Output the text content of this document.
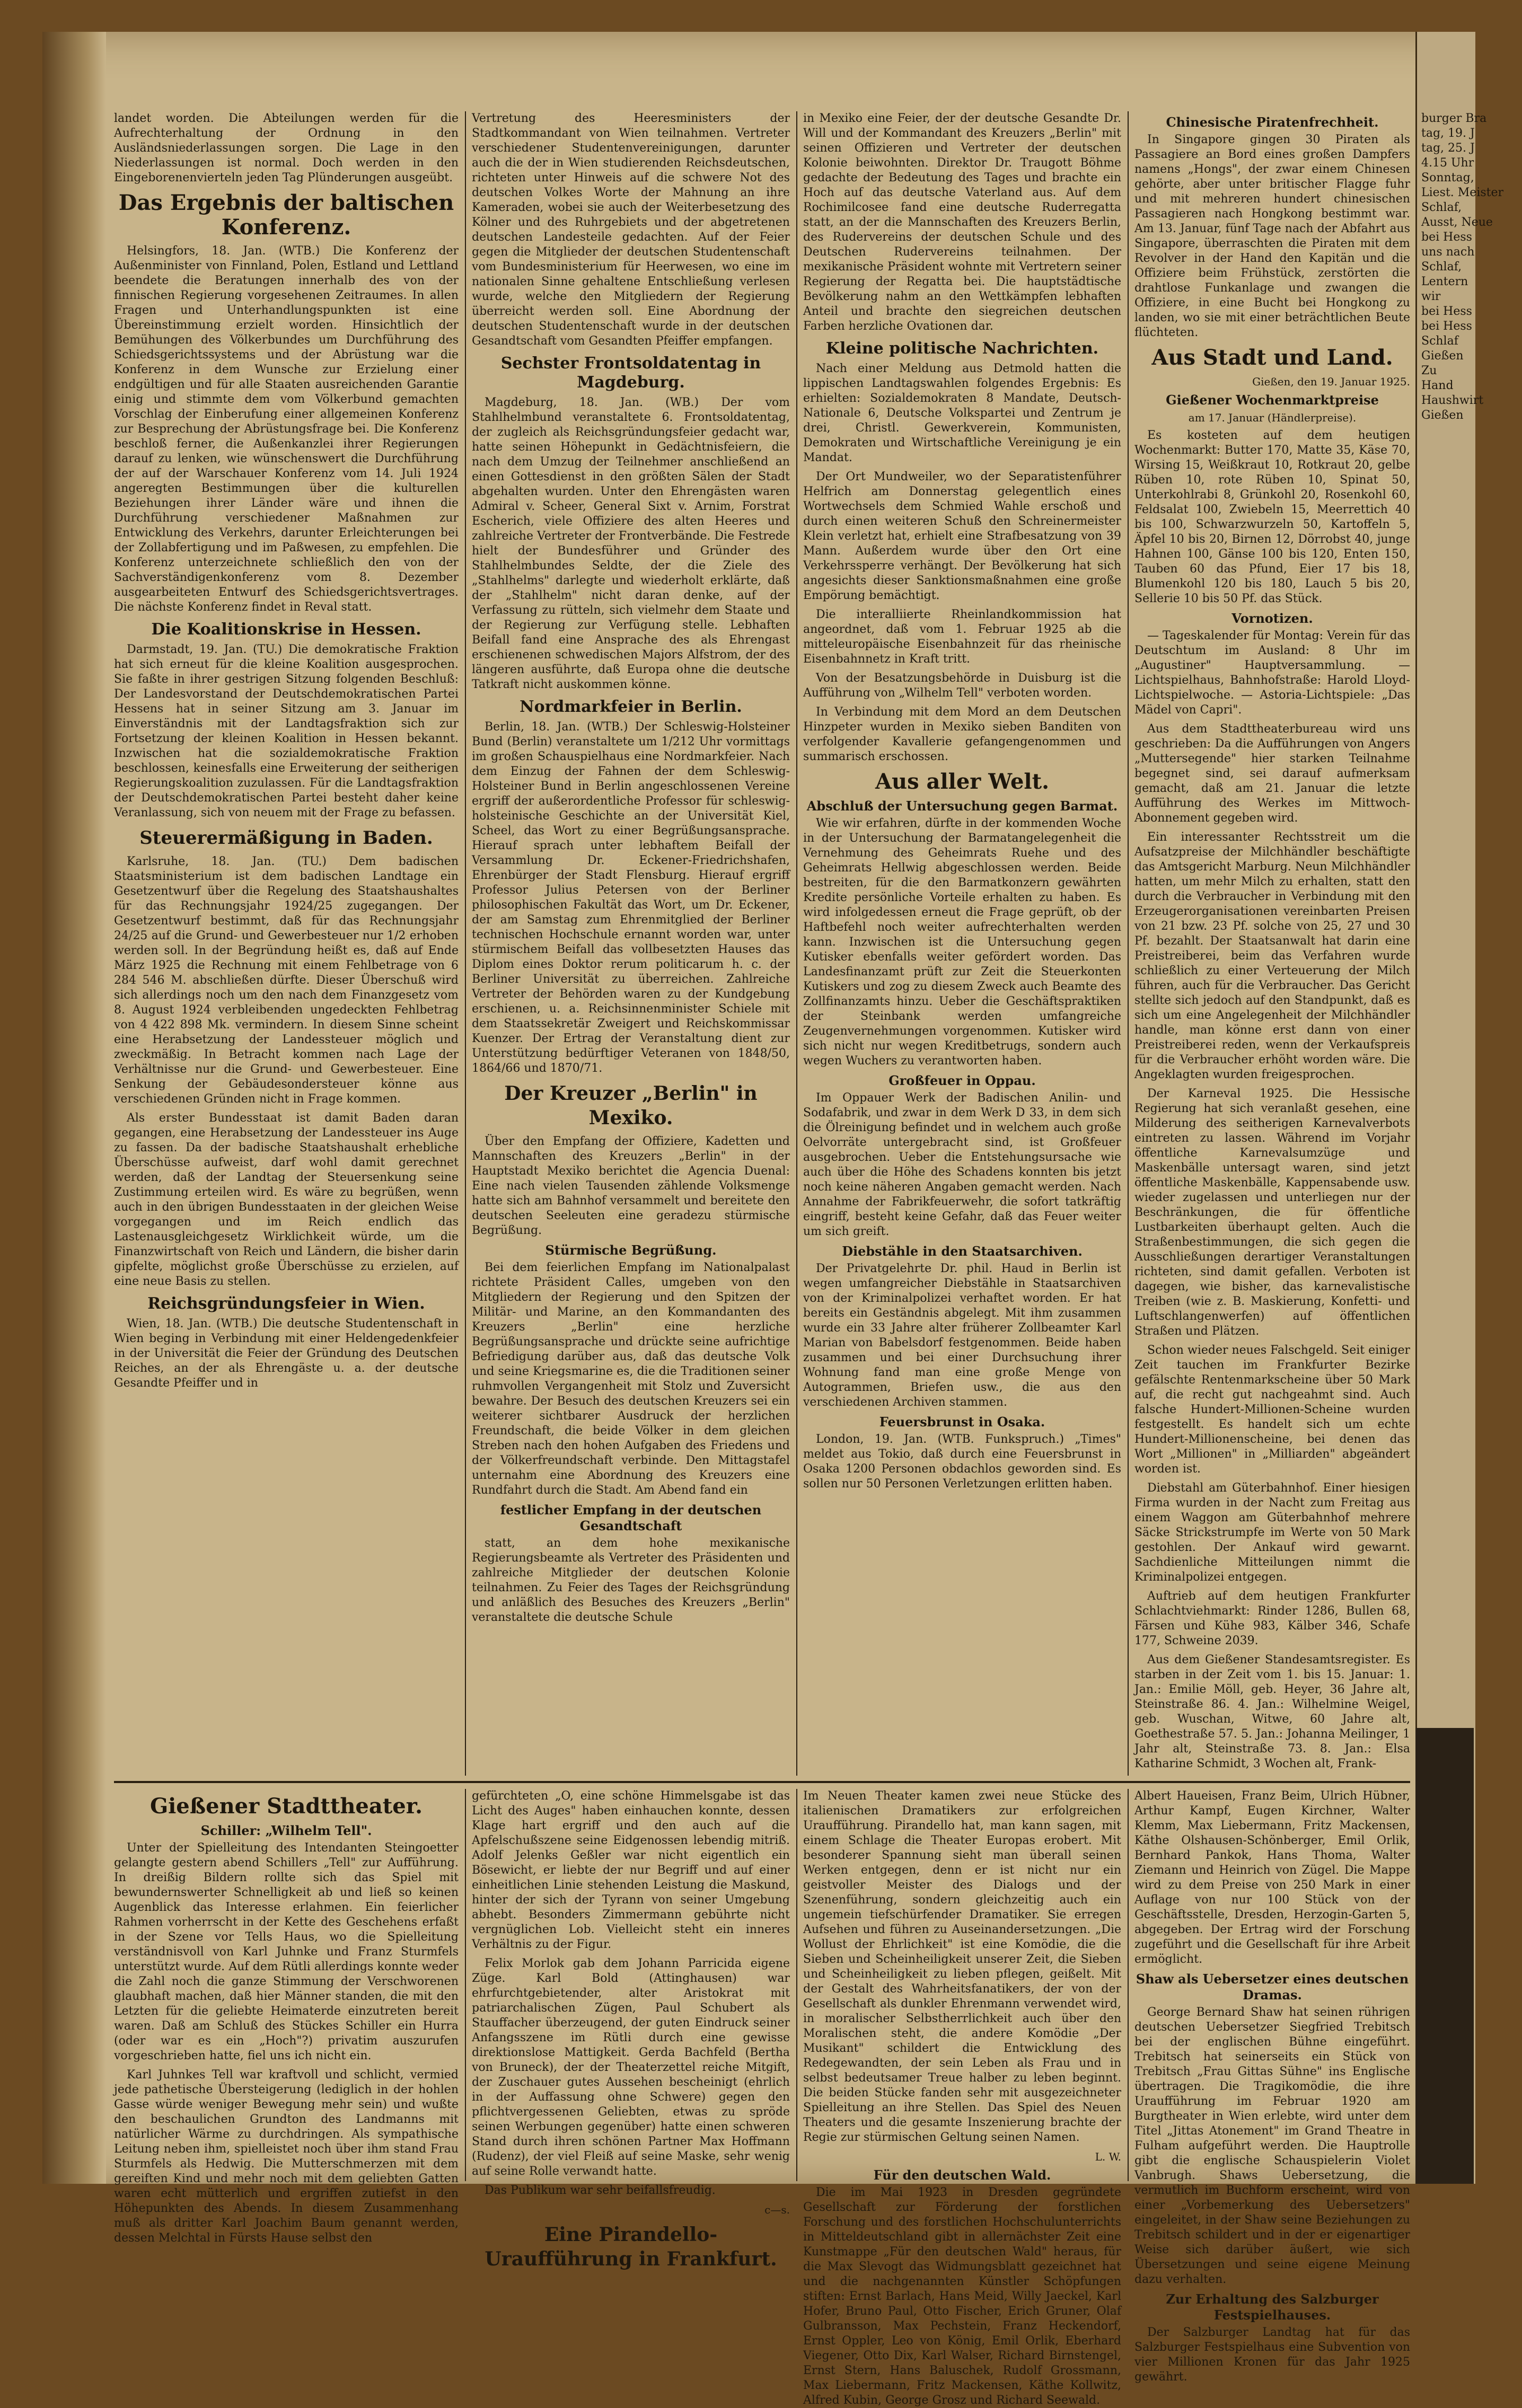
landet worden. Die Abteilungen werden für die Aufrechterhaltung der Ordnung in den Ausländsniederlassungen sorgen. Die Lage in den Niederlassungen ist normal. Doch werden in den Eingeborenenvierteln jeden Tag Plünderungen ausgeübt.

Das Ergebnis der baltischen Konferenz.

Helsingfors, 18. Jan. (WTB.) Die Konferenz der Außenminister von Finnland, Polen, Estland und Lettland beendete die Beratungen innerhalb des von der finnischen Regierung vorgesehenen Zeitraumes. In allen Fragen und Unterhandlungspunkten ist eine Übereinstimmung erzielt worden. Hinsichtlich der Bemühungen des Völkerbundes um Durchführung des Schiedsgerichtssystems und der Abrüstung war die Konferenz in dem Wunsche zur Erzielung einer endgültigen und für alle Staaten ausreichenden Garantie einig und stimmte dem vom Völkerbund gemachten Vorschlag der Einberufung einer allgemeinen Konferenz zur Besprechung der Abrüstungsfrage bei. Die Konferenz beschloß ferner, die Außenkanzlei ihrer Regierungen darauf zu lenken, wie wünschenswert die Durchführung der auf der Warschauer Konferenz vom 14. Juli 1924 angeregten Bestimmungen über die kulturellen Beziehungen ihrer Länder wäre und ihnen die Durchführung verschiedener Maßnahmen zur Entwicklung des Verkehrs, darunter Erleichterungen bei der Zollabfertigung und im Paßwesen, zu empfehlen. Die Konferenz unterzeichnete schließlich den von der Sachverständigenkonferenz vom 8. Dezember ausgearbeiteten Entwurf des Schiedsgerichtsvertrages. Die nächste Konferenz findet in Reval statt.

Die Koalitionskrise in Hessen.

Darmstadt, 19. Jan. (TU.) Die demokratische Fraktion hat sich erneut für die kleine Koalition ausgesprochen. Sie faßte in ihrer gestrigen Sitzung folgenden Beschluß: Der Landesvorstand der Deutschdemokratischen Partei Hessens hat in seiner Sitzung am 3. Januar im Einverständnis mit der Landtagsfraktion sich zur Fortsetzung der kleinen Koalition in Hessen bekannt. Inzwischen hat die sozialdemokratische Fraktion beschlossen, keinesfalls eine Erweiterung der seitherigen Regierungskoalition zuzulassen. Für die Landtagsfraktion der Deutschdemokratischen Partei besteht daher keine Veranlassung, sich von neuem mit der Frage zu befassen.

Steuerermäßigung in Baden.

Karlsruhe, 18. Jan. (TU.) Dem badischen Staatsministerium ist dem badischen Landtage ein Gesetzentwurf über die Regelung des Staatshaushaltes für das Rechnungsjahr 1924/25 zugegangen. Der Gesetzentwurf bestimmt, daß für das Rechnungsjahr 24/25 auf die Grund- und Gewerbesteuer nur 1/2 erhoben werden soll. In der Begründung heißt es, daß auf Ende März 1925 die Rechnung mit einem Fehlbetrage von 6 284 546 M. abschließen dürfte. Dieser Überschuß wird sich allerdings noch um den nach dem Finanzgesetz vom 8. August 1924 verbleibenden ungedeckten Fehlbetrag von 4 422 898 Mk. vermindern. In diesem Sinne scheint eine Herabsetzung der Landessteuer möglich und zweckmäßig. In Betracht kommen nach Lage der Verhältnisse nur die Grund- und Gewerbesteuer. Eine Senkung der Gebäudesondersteuer könne aus verschiedenen Gründen nicht in Frage kommen.

Als erster Bundesstaat ist damit Baden daran gegangen, eine Herabsetzung der Landessteuer ins Auge zu fassen. Da der badische Staatshaushalt erhebliche Überschüsse aufweist, darf wohl damit gerechnet werden, daß der Landtag der Steuersenkung seine Zustimmung erteilen wird. Es wäre zu begrüßen, wenn auch in den übrigen Bundesstaaten in der gleichen Weise vorgegangen und im Reich endlich das Lastenausgleichgesetz Wirklichkeit würde, um die Finanzwirtschaft von Reich und Ländern, die bisher darin gipfelte, möglichst große Überschüsse zu erzielen, auf eine neue Basis zu stellen.

Reichsgründungsfeier in Wien.

Wien, 18. Jan. (WTB.) Die deutsche Studentenschaft in Wien beging in Verbindung mit einer Heldengedenkfeier in der Universität die Feier der Gründung des Deutschen Reiches, an der als Ehrengäste u. a. der deutsche Gesandte Pfeiffer und in

Vertretung des Heeresministers der Stadtkommandant von Wien teilnahmen. Vertreter verschiedener Studentenvereinigungen, darunter auch die der in Wien studierenden Reichsdeutschen, richteten unter Hinweis auf die schwere Not des deutschen Volkes Worte der Mahnung an ihre Kameraden, wobei sie auch der Weiterbesetzung des Kölner und des Ruhrgebiets und der abgetretenen deutschen Landesteile gedachten. Auf der Feier gegen die Mitglieder der deutschen Studentenschaft vom Bundesministerium für Heerwesen, wo eine im nationalen Sinne gehaltene Entschließung verlesen wurde, welche den Mitgliedern der Regierung überreicht werden soll. Eine Abordnung der deutschen Studentenschaft wurde in der deutschen Gesandtschaft vom Gesandten Pfeiffer empfangen.

Sechster Frontsoldatentag in Magdeburg.

Magdeburg, 18. Jan. (WB.) Der vom Stahlhelmbund veranstaltete 6. Frontsoldatentag, der zugleich als Reichsgründungsfeier gedacht war, hatte seinen Höhepunkt in Gedächtnisfeiern, die nach dem Umzug der Teilnehmer anschließend an einen Gottesdienst in den größten Sälen der Stadt abgehalten wurden. Unter den Ehrengästen waren Admiral v. Scheer, General Sixt v. Arnim, Forstrat Escherich, viele Offiziere des alten Heeres und zahlreiche Vertreter der Frontverbände. Die Festrede hielt der Bundesführer und Gründer des Stahlhelmbundes Seldte, der die Ziele des „Stahlhelms" darlegte und wiederholt erklärte, daß der „Stahlhelm" nicht daran denke, auf der Verfassung zu rütteln, sich vielmehr dem Staate und der Regierung zur Verfügung stelle. Lebhaften Beifall fand eine Ansprache des als Ehrengast erschienenen schwedischen Majors Alfstrom, der des längeren ausführte, daß Europa ohne die deutsche Tatkraft nicht auskommen könne.

Nordmarkfeier in Berlin.

Berlin, 18. Jan. (WTB.) Der Schleswig-Holsteiner Bund (Berlin) veranstaltete um 1/212 Uhr vormittags im großen Schauspielhaus eine Nordmarkfeier. Nach dem Einzug der Fahnen der dem Schleswig-Holsteiner Bund in Berlin angeschlossenen Vereine ergriff der außerordentliche Professor für schleswig-holsteinische Geschichte an der Universität Kiel, Scheel, das Wort zu einer Begrüßungsansprache. Hierauf sprach unter lebhaftem Beifall der Versammlung Dr. Eckener-Friedrichshafen, Ehrenbürger der Stadt Flensburg. Hierauf ergriff Professor Julius Petersen von der Berliner philosophischen Fakultät das Wort, um Dr. Eckener, der am Samstag zum Ehrenmitglied der Berliner technischen Hochschule ernannt worden war, unter stürmischem Beifall das vollbesetzten Hauses das Diplom eines Doktor rerum politicarum h. c. der Berliner Universität zu überreichen. Zahlreiche Vertreter der Behörden waren zu der Kundgebung erschienen, u. a. Reichsinnenminister Schiele mit dem Staatssekretär Zweigert und Reichskommissar Kuenzer. Der Ertrag der Veranstaltung dient zur Unterstützung bedürftiger Veteranen von 1848/50, 1864/66 und 1870/71.

Der Kreuzer „Berlin" in Mexiko.

Über den Empfang der Offiziere, Kadetten und Mannschaften des Kreuzers „Berlin" in der Hauptstadt Mexiko berichtet die Agencia Duenal: Eine nach vielen Tausenden zählende Volksmenge hatte sich am Bahnhof versammelt und bereitete den deutschen Seeleuten eine geradezu stürmische Begrüßung.

Stürmische Begrüßung.

Bei dem feierlichen Empfang im Nationalpalast richtete Präsident Calles, umgeben von den Mitgliedern der Regierung und den Spitzen der Militär- und Marine, an den Kommandanten des Kreuzers „Berlin" eine herzliche Begrüßungsansprache und drückte seine aufrichtige Befriedigung darüber aus, daß das deutsche Volk und seine Kriegsmarine es, die die Traditionen seiner ruhmvollen Vergangenheit mit Stolz und Zuversicht bewahre. Der Besuch des deutschen Kreuzers sei ein weiterer sichtbarer Ausdruck der herzlichen Freundschaft, die beide Völker in dem gleichen Streben nach den hohen Aufgaben des Friedens und der Völkerfreundschaft verbinde. Den Mittagstafel unternahm eine Abordnung des Kreuzers eine Rundfahrt durch die Stadt. Am Abend fand ein

festlicher Empfang in der deutschen Gesandtschaft

statt, an dem hohe mexikanische Regierungsbeamte als Vertreter des Präsidenten und zahlreiche Mitglieder der deutschen Kolonie teilnahmen. Zu Feier des Tages der Reichsgründung und anläßlich des Besuches des Kreuzers „Berlin" veranstaltete die deutsche Schule

in Mexiko eine Feier, der der deutsche Gesandte Dr. Will und der Kommandant des Kreuzers „Berlin" mit seinen Offizieren und Vertreter der deutschen Kolonie beiwohnten. Direktor Dr. Traugott Böhme gedachte der Bedeutung des Tages und brachte ein Hoch auf das deutsche Vaterland aus. Auf dem Rochimilcosee fand eine deutsche Ruderregatta statt, an der die Mannschaften des Kreuzers Berlin, des Rudervereins der deutschen Schule und des Deutschen Rudervereins teilnahmen. Der mexikanische Präsident wohnte mit Vertretern seiner Regierung der Regatta bei. Die hauptstädtische Bevölkerung nahm an den Wettkämpfen lebhaften Anteil und brachte den siegreichen deutschen Farben herzliche Ovationen dar.

Kleine politische Nachrichten.

Nach einer Meldung aus Detmold hatten die lippischen Landtagswahlen folgendes Ergebnis: Es erhielten: Sozialdemokraten 8 Mandate, Deutsch-Nationale 6, Deutsche Volkspartei und Zentrum je drei, Christl. Gewerkverein, Kommunisten, Demokraten und Wirtschaftliche Vereinigung je ein Mandat.

Der Ort Mundweiler, wo der Separatistenführer Helfrich am Donnerstag gelegentlich eines Wortwechsels dem Schmied Wahle erschoß und durch einen weiteren Schuß den Schreinermeister Klein verletzt hat, erhielt eine Strafbesatzung von 39 Mann. Außerdem wurde über den Ort eine Verkehrssperre verhängt. Der Bevölkerung hat sich angesichts dieser Sanktionsmaßnahmen eine große Empörung bemächtigt.

Die interalliierte Rheinlandkommission hat angeordnet, daß vom 1. Februar 1925 ab die mitteleuropäische Eisenbahnzeit für das rheinische Eisenbahnnetz in Kraft tritt.

Von der Besatzungsbehörde in Duisburg ist die Aufführung von „Wilhelm Tell" verboten worden.

In Verbindung mit dem Mord an dem Deutschen Hinzpeter wurden in Mexiko sieben Banditen von verfolgender Kavallerie gefangengenommen und summarisch erschossen.

Aus aller Welt.
Abschluß der Untersuchung gegen Barmat.

Wie wir erfahren, dürfte in der kommenden Woche in der Untersuchung der Barmatangelegenheit die Vernehmung des Geheimrats Ruehe und des Geheimrats Hellwig abgeschlossen werden. Beide bestreiten, für die den Barmatkonzern gewährten Kredite persönliche Vorteile erhalten zu haben. Es wird infolgedessen erneut die Frage geprüft, ob der Haftbefehl noch weiter aufrechterhalten werden kann. Inzwischen ist die Untersuchung gegen Kutisker ebenfalls weiter gefördert worden. Das Landesfinanzamt prüft zur Zeit die Steuerkonten Kutiskers und zog zu diesem Zweck auch Beamte des Zollfinanzamts hinzu. Ueber die Geschäftspraktiken der Steinbank werden umfangreiche Zeugenvernehmungen vorgenommen. Kutisker wird sich nicht nur wegen Kreditbetrugs, sondern auch wegen Wuchers zu verantworten haben.

Großfeuer in Oppau.

Im Oppauer Werk der Badischen Anilin- und Sodafabrik, und zwar in dem Werk D 33, in dem sich die Ölreinigung befindet und in welchem auch große Oelvorräte untergebracht sind, ist Großfeuer ausgebrochen. Ueber die Entstehungsursache wie auch über die Höhe des Schadens konnten bis jetzt noch keine näheren Angaben gemacht werden. Nach Annahme der Fabrikfeuerwehr, die sofort tatkräftig eingriff, besteht keine Gefahr, daß das Feuer weiter um sich greift.

Diebstähle in den Staatsarchiven.

Der Privatgelehrte Dr. phil. Haud in Berlin ist wegen umfangreicher Diebstähle in Staatsarchiven von der Kriminalpolizei verhaftet worden. Er hat bereits ein Geständnis abgelegt. Mit ihm zusammen wurde ein 33 Jahre alter früherer Zollbeamter Karl Marian von Babelsdorf festgenommen. Beide haben zusammen und bei einer Durchsuchung ihrer Wohnung fand man eine große Menge von Autogrammen, Briefen usw., die aus den verschiedenen Archiven stammen.

Feuersbrunst in Osaka.

London, 19. Jan. (WTB. Funkspruch.) „Times" meldet aus Tokio, daß durch eine Feuersbrunst in Osaka 1200 Personen obdachlos geworden sind. Es sollen nur 50 Personen Verletzungen erlitten haben.

Chinesische Piratenfrechheit.

In Singapore gingen 30 Piraten als Passagiere an Bord eines großen Dampfers namens „Hongs", der zwar einem Chinesen gehörte, aber unter britischer Flagge fuhr und mit mehreren hundert chinesischen Passagieren nach Hongkong bestimmt war. Am 13. Januar, fünf Tage nach der Abfahrt aus Singapore, überraschten die Piraten mit dem Revolver in der Hand den Kapitän und die Offiziere beim Frühstück, zerstörten die drahtlose Funkanlage und zwangen die Offiziere, in eine Bucht bei Hongkong zu landen, wo sie mit einer beträchtlichen Beute flüchteten.

Aus Stadt und Land.
Gießen, den 19. Januar 1925.
Gießener Wochenmarktpreise
am 17. Januar (Händlerpreise).

Es kosteten auf dem heutigen Wochenmarkt: Butter 170, Matte 35, Käse 70, Wirsing 15, Weißkraut 10, Rotkraut 20, gelbe Rüben 10, rote Rüben 10, Spinat 50, Unterkohlrabi 8, Grünkohl 20, Rosenkohl 60, Feldsalat 100, Zwiebeln 15, Meerrettich 40 bis 100, Schwarzwurzeln 50, Kartoffeln 5, Äpfel 10 bis 20, Birnen 12, Dörrobst 40, junge Hahnen 100, Gänse 100 bis 120, Enten 150, Tauben 60 das Pfund, Eier 17 bis 18, Blumenkohl 120 bis 180, Lauch 5 bis 20, Sellerie 10 bis 50 Pf. das Stück.

Vornotizen.

— Tageskalender für Montag: Verein für das Deutschtum im Ausland: 8 Uhr im „Augustiner" Hauptversammlung. — Lichtspielhaus, Bahnhofstraße: Harold Lloyd-Lichtspielwoche. — Astoria-Lichtspiele: „Das Mädel von Capri".

Aus dem Stadttheaterbureau wird uns geschrieben: Da die Aufführungen von Angers „Muttersegende" hier starken Teilnahme begegnet sind, sei darauf aufmerksam gemacht, daß am 21. Januar die letzte Aufführung des Werkes im Mittwoch-Abonnement gegeben wird.

Ein interessanter Rechtsstreit um die Aufsatzpreise der Milchhändler beschäftigte das Amtsgericht Marburg. Neun Milchhändler hatten, um mehr Milch zu erhalten, statt den durch die Verbraucher in Verbindung mit den Erzeugerorganisationen vereinbarten Preisen von 21 bzw. 23 Pf. solche von 25, 27 und 30 Pf. bezahlt. Der Staatsanwalt hat darin eine Preistreiberei, beim das Verfahren wurde schließlich zu einer Verteuerung der Milch führen, auch für die Verbraucher. Das Gericht stellte sich jedoch auf den Standpunkt, daß es sich um eine Angelegenheit der Milchhändler handle, man könne erst dann von einer Preistreiberei reden, wenn der Verkaufspreis für die Verbraucher erhöht worden wäre. Die Angeklagten wurden freigesprochen.

Der Karneval 1925. Die Hessische Regierung hat sich veranlaßt gesehen, eine Milderung des seitherigen Karnevalverbots eintreten zu lassen. Während im Vorjahr öffentliche Karnevalsumzüge und Maskenbälle untersagt waren, sind jetzt öffentliche Maskenbälle, Kappensabende usw. wieder zugelassen und unterliegen nur der Beschränkungen, die für öffentliche Lustbarkeiten überhaupt gelten. Auch die Straßenbestimmungen, die sich gegen die Ausschließungen derartiger Veranstaltungen richteten, sind damit gefallen. Verboten ist dagegen, wie bisher, das karnevalistische Treiben (wie z. B. Maskierung, Konfetti- und Luftschlangenwerfen) auf öffentlichen Straßen und Plätzen.

Schon wieder neues Falschgeld. Seit einiger Zeit tauchen im Frankfurter Bezirke gefälschte Rentenmarkscheine über 50 Mark auf, die recht gut nachgeahmt sind. Auch falsche Hundert-Millionen-Scheine wurden festgestellt. Es handelt sich um echte Hundert-Millionenscheine, bei denen das Wort „Millionen" in „Milliarden" abgeändert worden ist.

Diebstahl am Güterbahnhof. Einer hiesigen Firma wurden in der Nacht zum Freitag aus einem Waggon am Güterbahnhof mehrere Säcke Strickstrumpfe im Werte von 50 Mark gestohlen. Der Ankauf wird gewarnt. Sachdienliche Mitteilungen nimmt die Kriminalpolizei entgegen.

Auftrieb auf dem heutigen Frankfurter Schlachtviehmarkt: Rinder 1286, Bullen 68, Färsen und Kühe 983, Kälber 346, Schafe 177, Schweine 2039.

Aus dem Gießener Standesamtsregister. Es starben in der Zeit vom 1. bis 15. Januar: 1. Jan.: Emilie Möll, geb. Heyer, 36 Jahre alt, Steinstraße 86. 4. Jan.: Wilhelmine Weigel, geb. Wuschan, Witwe, 60 Jahre alt, Goethestraße 57. 5. Jan.: Johanna Meilinger, 1 Jahr alt, Steinstraße 73. 8. Jan.: Elsa Katharine Schmidt, 3 Wochen alt, Frank-

Gießener Stadttheater.
Schiller: „Wilhelm Tell".

Unter der Spielleitung des Intendanten Steingoetter gelangte gestern abend Schillers „Tell" zur Aufführung. In dreißig Bildern rollte sich das Spiel mit bewundernswerter Schnelligkeit ab und ließ so keinen Augenblick das Interesse erlahmen. Ein feierlicher Rahmen vorherrscht in der Kette des Geschehens erfaßt in der Szene vor Tells Haus, wo die Spielleitung verständnisvoll von Karl Juhnke und Franz Sturmfels unterstützt wurde. Auf dem Rütli allerdings konnte weder die Zahl noch die ganze Stimmung der Verschworenen glaubhaft machen, daß hier Männer standen, die mit den Letzten für die geliebte Heimaterde einzutreten bereit waren. Daß am Schluß des Stückes Schiller ein Hurra (oder war es ein „Hoch"?) privatim auszurufen vorgeschrieben hatte, fiel uns ich nicht ein.

Karl Juhnkes Tell war kraftvoll und schlicht, vermied jede pathetische Übersteigerung (lediglich in der hohlen Gasse würde weniger Bewegung mehr sein) und wußte den beschaulichen Grundton des Landmanns mit natürlicher Wärme zu durchdringen. Als sympathische Leitung neben ihm, spielleistet noch über ihm stand Frau Sturmfels als Hedwig. Die Mutterschmerzen mit dem gereiften Kind und mehr noch mit dem geliebten Gatten waren echt mütterlich und ergriffen zutiefst in den Höhepunkten des Abends. In diesem Zusammenhang muß als dritter Karl Joachim Baum genannt werden, dessen Melchtal in Fürsts Hause selbst den

gefürchteten „O, eine schöne Himmelsgabe ist das Licht des Auges" haben einhauchen konnte, dessen Klage hart ergriff und den auch auf die Apfelschußszene seine Eidgenossen lebendig mitriß. Adolf Jelenks Geßler war nicht eigentlich ein Bösewicht, er liebte der nur Begriff und auf einer einheitlichen Linie stehenden Leistung die Maskund, hinter der sich der Tyrann von seiner Umgebung abhebt. Besonders Zimmermann gebührte nicht vergnüglichen Lob. Vielleicht steht ein inneres Verhältnis zu der Figur.

Felix Morlok gab dem Johann Parricida eigene Züge. Karl Bold (Attinghausen) war ehrfurchtgebietender, alter Aristokrat mit patriarchalischen Zügen, Paul Schubert als Stauffacher überzeugend, der guten Eindruck seiner Anfangsszene im Rütli durch eine gewisse direktionslose Mattigkeit. Gerda Bachfeld (Bertha von Bruneck), der der Theaterzettel reiche Mitgift, der Zuschauer gutes Aussehen bescheinigt (ehrlich in der Auffassung ohne Schwere) gegen den pflichtvergessenen Geliebten, etwas zu spröde seinen Werbungen gegenüber) hatte einen schweren Stand durch ihren schönen Partner Max Hoffmann (Rudenz), der viel Fleiß auf seine Maske, sehr wenig auf seine Rolle verwandt hatte.

Das Publikum war sehr beifallsfreudig.

c—s.
Eine Pirandello-Uraufführung in Frankfurt.

Im Neuen Theater kamen zwei neue Stücke des italienischen Dramatikers zur erfolgreichen Uraufführung. Pirandello hat, man kann sagen, mit einem Schlage die Theater Europas erobert. Mit besonderer Spannung sieht man überall seinen Werken entgegen, denn er ist nicht nur ein geistvoller Meister des Dialogs und der Szenenführung, sondern gleichzeitig auch ein ungemein tiefschürfender Dramatiker. Sie erregen Aufsehen und führen zu Auseinandersetzungen. „Die Wollust der Ehrlichkeit" ist eine Komödie, die die Sieben und Scheinheiligkeit unserer Zeit, die Sieben und Scheinheiligkeit zu lieben pflegen, geißelt. Mit der Gestalt des Wahrheitsfanatikers, der von der Gesellschaft als dunkler Ehrenmann verwendet wird, in moralischer Selbstherrlichkeit auch über den Moralischen steht, die andere Komödie „Der Musikant" schildert die Entwicklung des Redegewandten, der sein Leben als Frau und in selbst bedeutsamer Treue halber zu leben beginnt. Die beiden Stücke fanden sehr mit ausgezeichneter Spielleitung an ihre Stellen. Das Spiel des Neuen Theaters und die gesamte Inszenierung brachte der Regie zur stürmischen Geltung seinen Namen.

L. W.
Für den deutschen Wald.

Die im Mai 1923 in Dresden gegründete Gesellschaft zur Förderung der forstlichen Forschung und des forstlichen Hochschulunterrichts in Mitteldeutschland gibt in allernächster Zeit eine Kunstmappe „Für den deutschen Wald" heraus, für die Max Slevogt das Widmungsblatt gezeichnet hat und die nachgenannten Künstler Schöpfungen stiften: Ernst Barlach, Hans Meid, Willy Jaeckel, Karl Hofer, Bruno Paul, Otto Fischer, Erich Gruner, Olaf Gulbransson, Max Pechstein, Franz Heckendorf, Ernst Oppler, Leo von König, Emil Orlik, Eberhard Viegener, Otto Dix, Karl Walser, Richard Birnstengel, Ernst Stern, Hans Baluschek, Rudolf Grossmann, Max Liebermann, Fritz Mackensen, Käthe Kollwitz, Alfred Kubin, George Grosz und Richard Seewald.

Albert Haueisen, Franz Beim, Ulrich Hübner, Arthur Kampf, Eugen Kirchner, Walter Klemm, Max Liebermann, Fritz Mackensen, Käthe Olshausen-Schönberger, Emil Orlik, Bernhard Pankok, Hans Thoma, Walter Ziemann und Heinrich von Zügel. Die Mappe wird zu dem Preise von 250 Mark in einer Auflage von nur 100 Stück von der Geschäftsstelle, Dresden, Herzogin-Garten 5, abgegeben. Der Ertrag wird der Forschung zugeführt und die Gesellschaft für ihre Arbeit ermöglicht.

Shaw als Uebersetzer eines deutschen Dramas.

George Bernard Shaw hat seinen rührigen deutschen Uebersetzer Siegfried Trebitsch bei der englischen Bühne eingeführt. Trebitsch hat seinerseits ein Stück von Trebitsch „Frau Gittas Sühne" ins Englische übertragen. Die Tragikomödie, die ihre Uraufführung im Februar 1920 am Burgtheater in Wien erlebte, wird unter dem Titel „Jittas Atonement" im Grand Theatre in Fulham aufgeführt werden. Die Hauptrolle gibt die englische Schauspielerin Violet Vanbrugh. Shaws Uebersetzung, die vermutlich im Buchform erscheint, wird von einer „Vorbemerkung des Uebersetzers" eingeleitet, in der Shaw seine Beziehungen zu Trebitsch schildert und in der er eigenartiger Weise sich darüber äußert, wie sich Übersetzungen und seine eigene Meinung dazu verhalten.

Zur Erhaltung des Salzburger Festspielhauses.

Der Salzburger Landtag hat für das Salzburger Festspielhaus eine Subvention von vier Millionen Kronen für das Jahr 1925 gewährt.

burger Bra

tag, 19. J

tag, 25. J

4.15 Uhr

Sonntag,

Liest. Meister

Schlaf,

Ausst, Neue

bei Hess

uns nach

Schlaf,

Lentern

wir

bei Hess

bei Hess

Schlaf

Gießen

Zu

Hand

Haushwirt

Gießen
